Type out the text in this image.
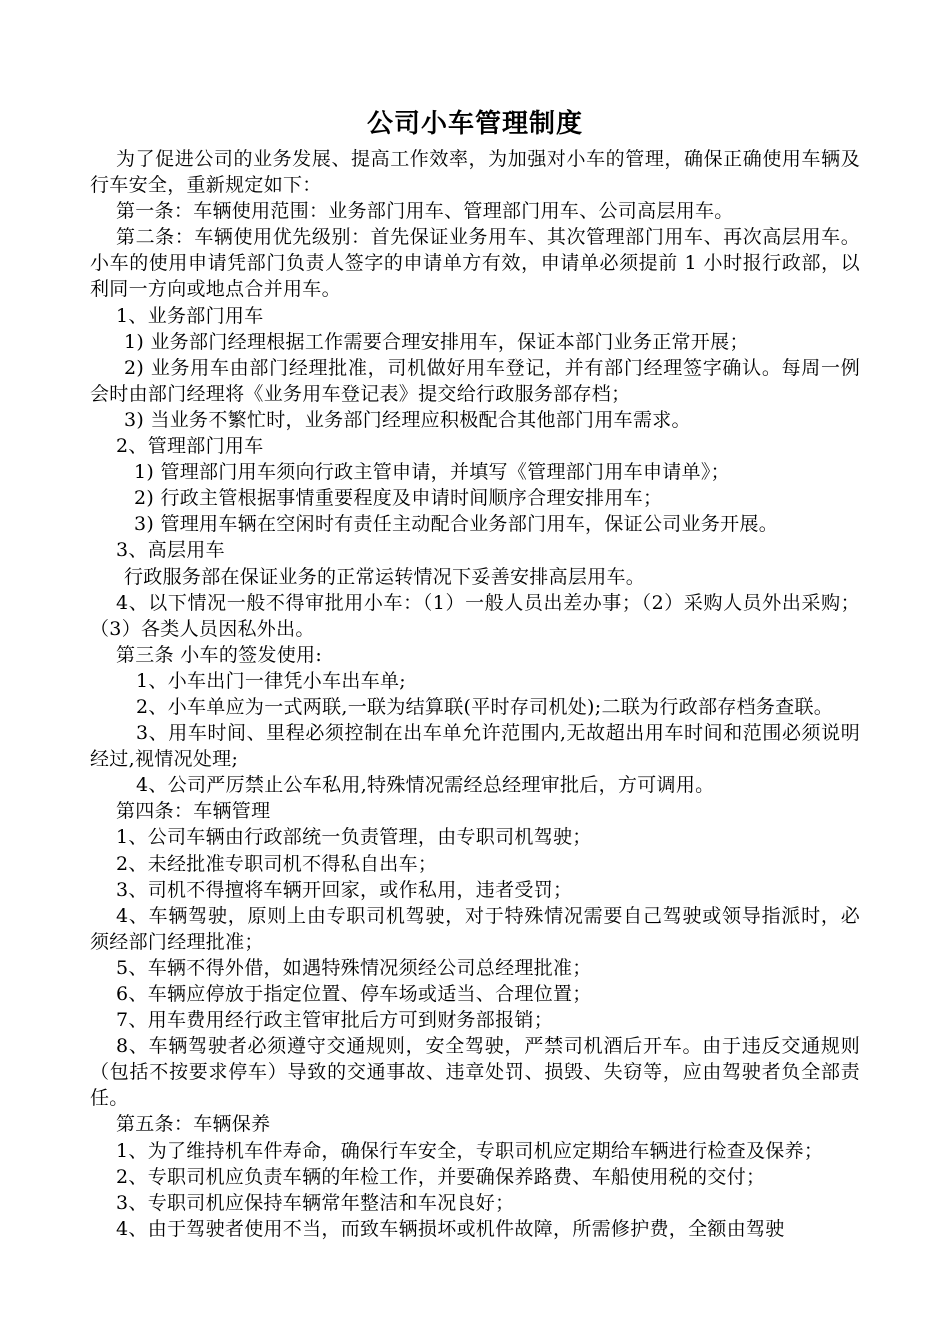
公司小车管理制度

为了促进公司的业务发展、提高工作效率，为加强对小车的管理，确保正确使用车辆及行车安全，重新规定如下：

第一条：车辆使用范围：业务部门用车、管理部门用车、公司高层用车。

第二条：车辆使用优先级别：首先保证业务用车、其次管理部门用车、再次高层用车。小车的使用申请凭部门负责人签字的申请单方有效，申请单必须提前 1 小时报行政部，以利同一方向或地点合并用车。

1、业务部门用车

1) 业务部门经理根据工作需要合理安排用车，保证本部门业务正常开展；

2) 业务用车由部门经理批准，司机做好用车登记，并有部门经理签字确认。每周一例会时由部门经理将《业务用车登记表》提交给行政服务部存档；

3) 当业务不繁忙时，业务部门经理应积极配合其他部门用车需求。

2、管理部门用车

1) 管理部门用车须向行政主管申请，并填写《管理部门用车申请单》；

2) 行政主管根据事情重要程度及申请时间顺序合理安排用车；

3) 管理用车辆在空闲时有责任主动配合业务部门用车，保证公司业务开展。

3、高层用车

行政服务部在保证业务的正常运转情况下妥善安排高层用车。

4、以下情况一般不得审批用小车：（1）一般人员出差办事；（2）采购人员外出采购；（3）各类人员因私外出。

第三条 小车的签发使用:

1、小车出门一律凭小车出车单;

2、小车单应为一式两联,一联为结算联(平时存司机处);二联为行政部存档务查联。

3、用车时间、里程必须控制在出车单允许范围内,无故超出用车时间和范围必须说明经过,视情况处理;

4、公司严厉禁止公车私用,特殊情况需经总经理审批后，方可调用。

第四条：车辆管理

1、公司车辆由行政部统一负责管理，由专职司机驾驶；

2、未经批准专职司机不得私自出车；

3、司机不得擅将车辆开回家，或作私用，违者受罚；

4、车辆驾驶，原则上由专职司机驾驶，对于特殊情况需要自己驾驶或领导指派时，必须经部门经理批准；

5、车辆不得外借，如遇特殊情况须经公司总经理批准；

6、车辆应停放于指定位置、停车场或适当、合理位置；

7、用车费用经行政主管审批后方可到财务部报销；

8、车辆驾驶者必须遵守交通规则，安全驾驶，严禁司机酒后开车。由于违反交通规则（包括不按要求停车）导致的交通事故、违章处罚、损毁、失窃等，应由驾驶者负全部责任。

第五条：车辆保养

1、为了维持机车件寿命，确保行车安全，专职司机应定期给车辆进行检查及保养；

2、专职司机应负责车辆的年检工作，并要确保养路费、车船使用税的交付；

3、专职司机应保持车辆常年整洁和车况良好；

4、由于驾驶者使用不当，而致车辆损坏或机件故障，所需修护费，全额由驾驶
